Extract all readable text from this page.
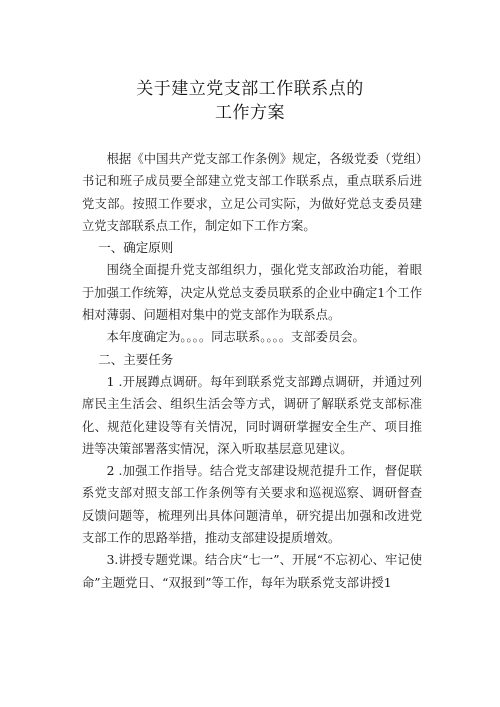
关于建立党支部工作联系点的
工作方案

根据《中国共产党支部工作条例》规定，各级党委（党组）书记和班子成员要全部建立党支部工作联系点，重点联系后进党支部。按照工作要求，立足公司实际，为做好党总支委员建立党支部联系点工作，制定如下工作方案。

一、确定原则

围绕全面提升党支部组织力，强化党支部政治功能，着眼于加强工作统筹，决定从党总支委员联系的企业中确定1个工作相对薄弱、问题相对集中的党支部作为联系点。

本年度确定为。。。。同志联系。。。。支部委员会。

二、主要任务

1 .开展蹲点调研。每年到联系党支部蹲点调研，并通过列席民主生活会、组织生活会等方式，调研了解联系党支部标准化、规范化建设等有关情况，同时调研掌握安全生产、项目推进等决策部署落实情况，深入听取基层意见建议。

2 .加强工作指导。结合党支部建设规范提升工作，督促联系党支部对照支部工作条例等有关要求和巡视巡察、调研督查反馈问题等，梳理列出具体问题清单，研究提出加强和改进党支部工作的思路举措，推动支部建设提质增效。

3.讲授专题党课。结合庆“七一”、开展“不忘初心、牢记使命”主题党日、“双报到”等工作，每年为联系党支部讲授1
